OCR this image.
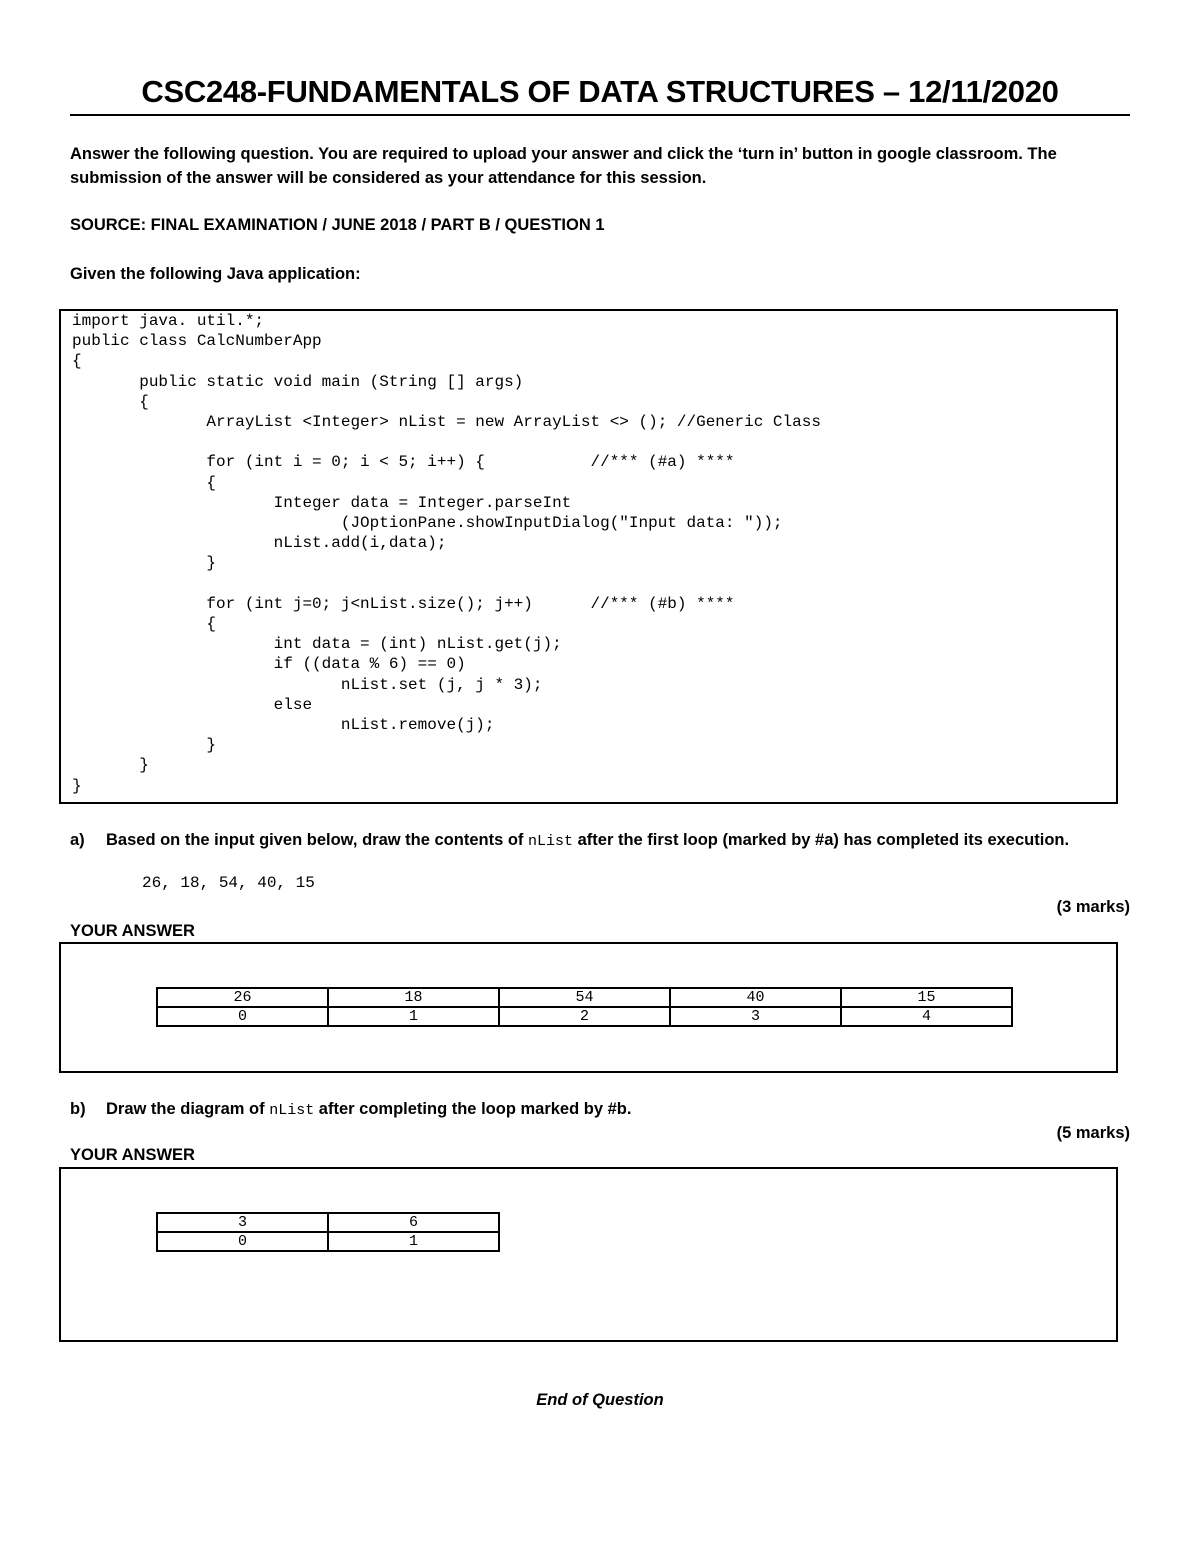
CSC248-FUNDAMENTALS OF DATA STRUCTURES – 12/11/2020
Answer the following question. You are required to upload your answer and click the ‘turn in’ button in google classroom. The
submission of the answer will be considered as your attendance for this session.
SOURCE: FINAL EXAMINATION / JUNE 2018 / PART B / QUESTION 1
Given the following Java application:
import java. util.*;
public class CalcNumberApp
{
public static void main (String [] args)
{
ArrayList <Integer> nList = new ArrayList <> (); //Generic Class

for (int i = 0; i < 5; i++) {           //*** (#a) ****
{
Integer data = Integer.parseInt
(JOptionPane.showInputDialog("Input data: "));
nList.add(i,data);
}

for (int j=0; j<nList.size(); j++)      //*** (#b) ****
{
int data = (int) nList.get(j);
if ((data % 6) == 0)
nList.set (j, j * 3);
else
nList.remove(j);
}
}
}
a) Based on the input given below, draw the contents of nList after the first loop (marked by #a) has completed its execution.
26, 18, 54, 40, 15
(3 marks)
YOUR ANSWER
26	18	54	40	15
0	1	2	3	4
b) Draw the diagram of nList after completing the loop marked by #b.
(5 marks)
YOUR ANSWER
3	6
0	1
End of Question
